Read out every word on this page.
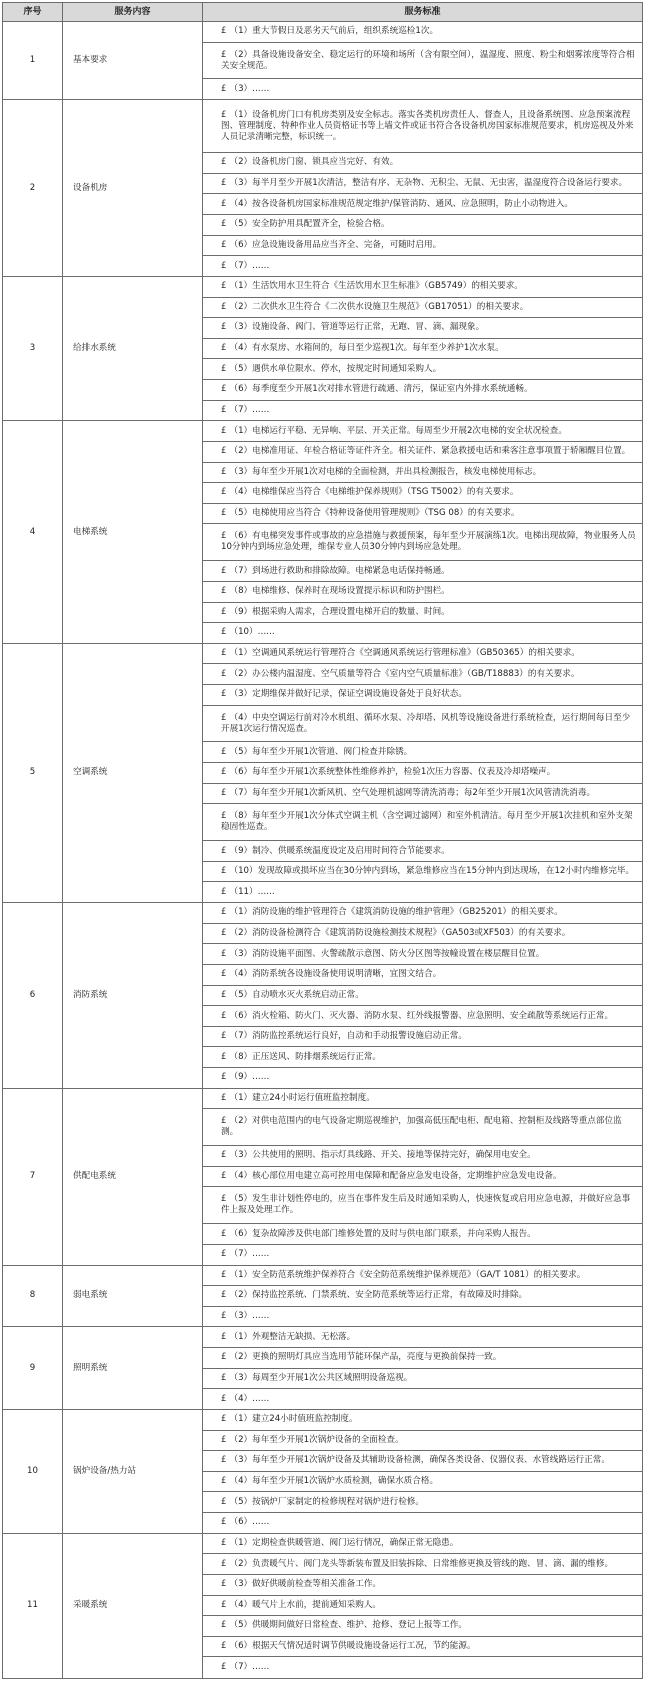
序号	服务内容	服务标准
1	基本要求	£ （1）重大节假日及恶劣天气前后，组织系统巡检1次。
		£ （2）具备设施设备安全、稳定运行的环境和场所（含有限空间），温湿度、照度、粉尘和烟雾浓度等符合相关安全规范。
		£ （3）……
2	设备机房	£ （1）设备机房门口有机房类别及安全标志。落实各类机房责任人、督查人，且设备系统图、应急预案流程图、管理制度、特种作业人员资格证书等上墙文件或证书符合各设备机房国家标准规范要求，机房巡视及外来人员记录清晰完整，标识统一。
		£ （2）设备机房门窗、锁具应当完好、有效。
		£ （3）每半月至少开展1次清洁，整洁有序、无杂物、无积尘、无鼠、无虫害，温湿度符合设备运行要求。
		£ （4）按各设备机房国家标准规范规定维护/保管消防、通风、应急照明，防止小动物进入。
		£ （5）安全防护用具配置齐全，检验合格。
		£ （6）应急设施设备用品应当齐全、完备，可随时启用。
		£ （7）……
3	给排水系统	£ （1）生活饮用水卫生符合《生活饮用水卫生标准》（GB5749）的相关要求。
		£ （2）二次供水卫生符合《二次供水设施卫生规范》（GB17051）的相关要求。
		£ （3）设施设备、阀门、管道等运行正常，无跑、冒、滴、漏现象。
		£ （4）有水泵房、水箱间的，每日至少巡视1次。每年至少养护1次水泵。
		£ （5）遇供水单位限水、停水，按规定时间通知采购人。
		£ （6）每季度至少开展1次对排水管进行疏通、清污，保证室内外排水系统通畅。
		£ （7）……
4	电梯系统	£ （1）电梯运行平稳、无异响、平层、开关正常。每周至少开展2次电梯的安全状况检查。
		£ （2）电梯准用证、年检合格证等证件齐全。相关证件、紧急救援电话和乘客注意事项置于轿厢醒目位置。
		£ （3）每年至少开展1次对电梯的全面检测，并出具检测报告，核发电梯使用标志。
		£ （4）电梯维保应当符合《电梯维护保养规则》（TSG T5002）的有关要求。
		£ （5）电梯使用应当符合《特种设备使用管理规则》（TSG 08）的有关要求。
		£ （6）有电梯突发事件或事故的应急措施与救援预案，每年至少开展演练1次。电梯出现故障，物业服务人员10分钟内到场应急处理，维保专业人员30分钟内到场应急处理。
		£ （7）到场进行救助和排除故障。电梯紧急电话保持畅通。
		£ （8）电梯维修、保养时在现场设置提示标识和防护围栏。
		£ （9）根据采购人需求，合理设置电梯开启的数量、时间。
		£ （10）……
5	空调系统	£ （1）空调通风系统运行管理符合《空调通风系统运行管理标准》（GB50365）的相关要求。
		£ （2）办公楼内温湿度、空气质量等符合《室内空气质量标准》（GB/T18883）的有关要求。
		£ （3）定期维保并做好记录，保证空调设施设备处于良好状态。
		£ （4）中央空调运行前对冷水机组、循环水泵、冷却塔、风机等设施设备进行系统检查，运行期间每日至少开展1次运行情况巡查。
		£ （5）每年至少开展1次管道、阀门检查并除锈。
		£ （6）每年至少开展1次系统整体性维修养护，检验1次压力容器、仪表及冷却塔噪声。
		£ （7）每年至少开展1次新风机、空气处理机滤网等清洗消毒；每2年至少开展1次风管清洗消毒。
		£ （8）每年至少开展1次分体式空调主机（含空调过滤网）和室外机清洁。每月至少开展1次挂机和室外支架稳固性巡查。
		£ （9）制冷、供暖系统温度设定及启用时间符合节能要求。
		£ （10）发现故障或损坏应当在30分钟内到场，紧急维修应当在15分钟内到达现场，在12小时内维修完毕。
		£ （11）……
6	消防系统	£ （1）消防设施的维护管理符合《建筑消防设施的维护管理》（GB25201）的相关要求。
		£ （2）消防设备检测符合《建筑消防设施检测技术规程》（GA503或XF503）的有关要求。
		£ （3）消防设施平面图、火警疏散示意图、防火分区图等按幢设置在楼层醒目位置。
		£ （4）消防系统各设施设备使用说明清晰，宜图文结合。
		£ （5）自动喷水灭火系统启动正常。
		£ （6）消火栓箱、防火门、灭火器、消防水泵、红外线报警器、应急照明、安全疏散等系统运行正常。
		£ （7）消防监控系统运行良好，自动和手动报警设施启动正常。
		£ （8）正压送风、防排烟系统运行正常。
		£ （9）……
7	供配电系统	£ （1）建立24小时运行值班监控制度。
		£ （2）对供电范围内的电气设备定期巡视维护，加强高低压配电柜、配电箱、控制柜及线路等重点部位监测。
		£ （3）公共使用的照明、指示灯具线路、开关、接地等保持完好，确保用电安全。
		£ （4）核心部位用电建立高可控用电保障和配备应急发电设备，定期维护应急发电设备。
		£ （5）发生非计划性停电的，应当在事件发生后及时通知采购人，快速恢复或启用应急电源，并做好应急事件上报及处理工作。
		£ （6）复杂故障涉及供电部门维修处置的及时与供电部门联系，并向采购人报告。
		£ （7）……
8	弱电系统	£ （1）安全防范系统维护保养符合《安全防范系统维护保养规范》（GA/T 1081）的相关要求。
		£ （2）保持监控系统、门禁系统、安全防范系统等运行正常，有故障及时排除。
		£ （3）……
9	照明系统	£ （1）外观整洁无缺损、无松落。
		£ （2）更换的照明灯具应当选用节能环保产品，亮度与更换前保持一致。
		£ （3）每周至少开展1次公共区域照明设备巡视。
		£ （4）……
10	锅炉设备/热力站	£ （1）建立24小时值班监控制度。
		£ （2）每年至少开展1次锅炉设备的全面检查。
		£ （3）每年至少开展1次锅炉设备及其辅助设备检测，确保各类设备、仪器仪表、水管线路运行正常。
		£ （4）每年至少开展1次锅炉水质检测，确保水质合格。
		£ （5）按锅炉厂家制定的检修规程对锅炉进行检修。
		£ （6）……
11	采暖系统	£ （1）定期检查供暖管道、阀门运行情况，确保正常无隐患。
		£ （2）负责暖气片、阀门龙头等新装布置及旧装拆除、日常维修更换及管线的跑、冒、滴、漏的维修。
		£ （3）做好供暖前检查等相关准备工作。
		£ （4）暖气片上水前，提前通知采购人。
		£ （5）供暖期间做好日常检查、维护、抢修、登记上报等工作。
		£ （6）根据天气情况适时调节供暖设施设备运行工况，节约能源。
		£ （7）……
